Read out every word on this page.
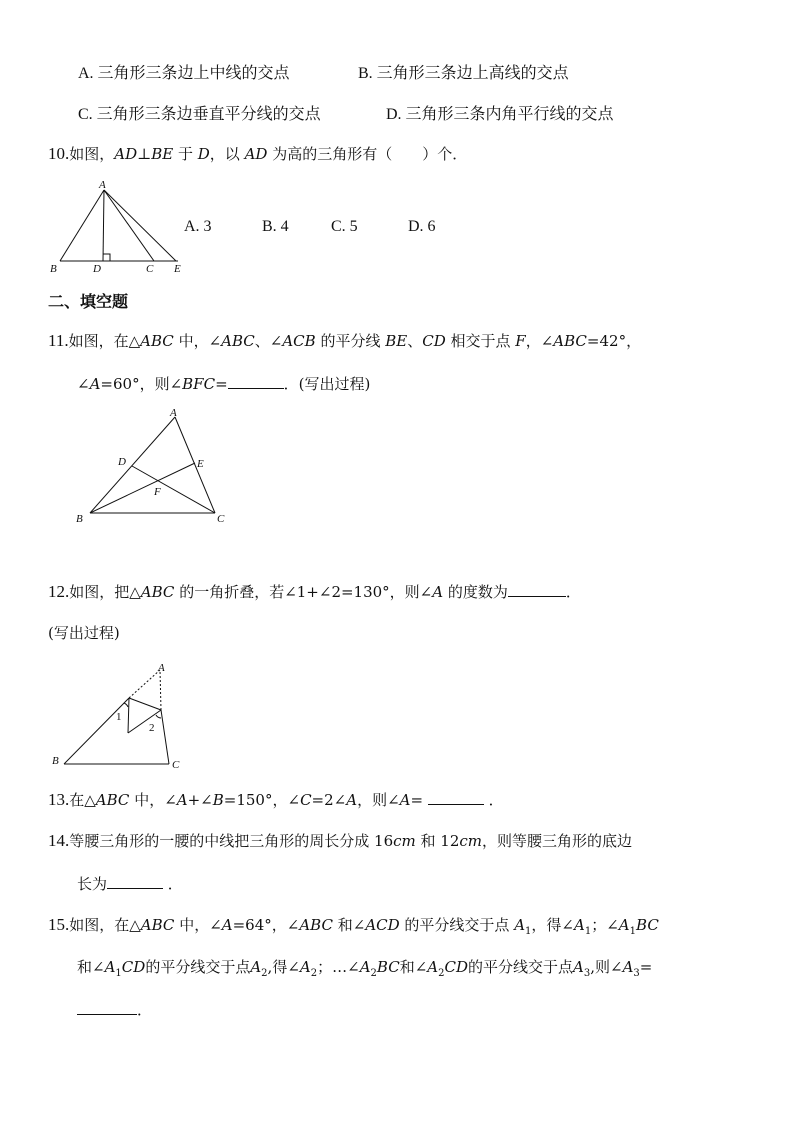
A. 三角形三条边上中线的交点	B. 三角形三条边上高线的交点
C. 三角形三条边垂直平分线的交点	D. 三角形三条内角平行线的交点
10.如图，AD⊥BE 于 D，以 AD 为高的三角形有（　　）个．
A
B	D	C E
A. 3	B. 4	C. 5	D. 6
二、填空题
11.如图，在△ABC 中，∠ABC、∠ACB 的平分线 BE、CD 相交于点 F，∠ABC=42°，
∠A=60°，则∠BFC=	．(写出过程)
A
D	E
F
B	C
12.如图，把△ABC 的一角折叠，若∠1+∠2=130°，则∠A 的度数为	．
(写出过程)
A
1
2
B	C
13.在△ABC 中，∠A+∠B=150°，∠C=2∠A，则∠A=	．
14.等腰三角形的一腰的中线把三角形的周长分成 16cm 和 12cm，则等腰三角形的底边
长为	．
15.如图，在△ABC 中，∠A=64°，∠ABC 和∠ACD 的平分线交于点 $A_1$，得$\angle A_1$；$\angle A_1BC$
和$\angle A_1CD$的平分线交于点$A_2$,得$\angle A_2$；$\dots\angle A_2BC$和$\angle A_2CD$的平分线交于点$A_3$,则$\angle A_3=$
．
